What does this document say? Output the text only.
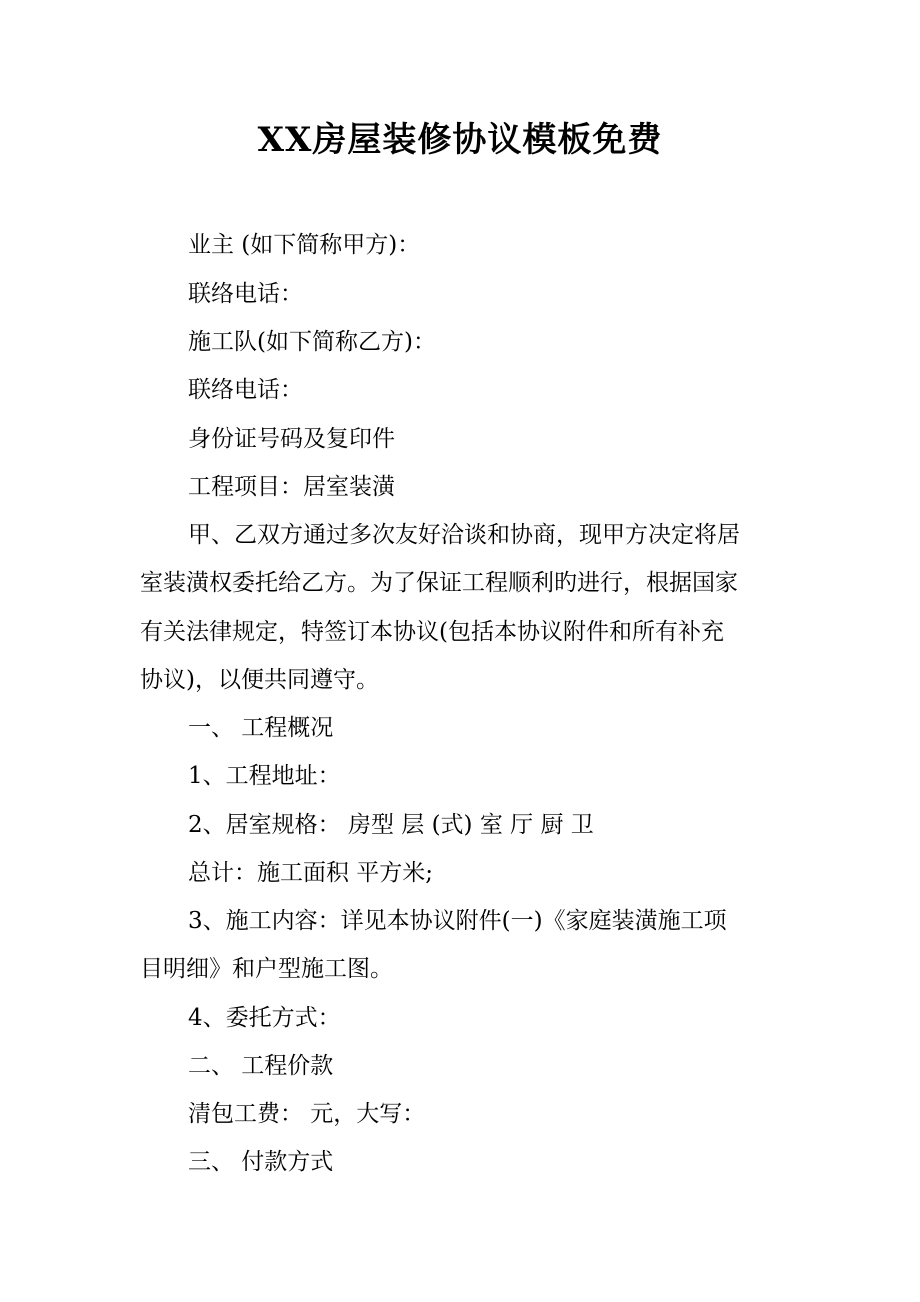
XX房屋装修协议模板免费
业主 (如下简称甲方)：
联络电话：
施工队(如下简称乙方)：
联络电话：
身份证号码及复印件
工程项目：居室装潢
甲、乙双方通过多次友好洽谈和协商，现甲方决定将居
室装潢权委托给乙方。为了保证工程顺利旳进行，根据国家
有关法律规定，特签订本协议(包括本协议附件和所有补充
协议)，以便共同遵守。
一、 工程概况
1、工程地址：
2、居室规格： 房型 层 (式) 室 厅 厨 卫
总计：施工面积 平方米;
3、施工内容：详见本协议附件(一)《家庭装潢施工项
目明细》和户型施工图。
4、委托方式：
二、 工程价款
清包工费： 元，大写：
三、 付款方式
